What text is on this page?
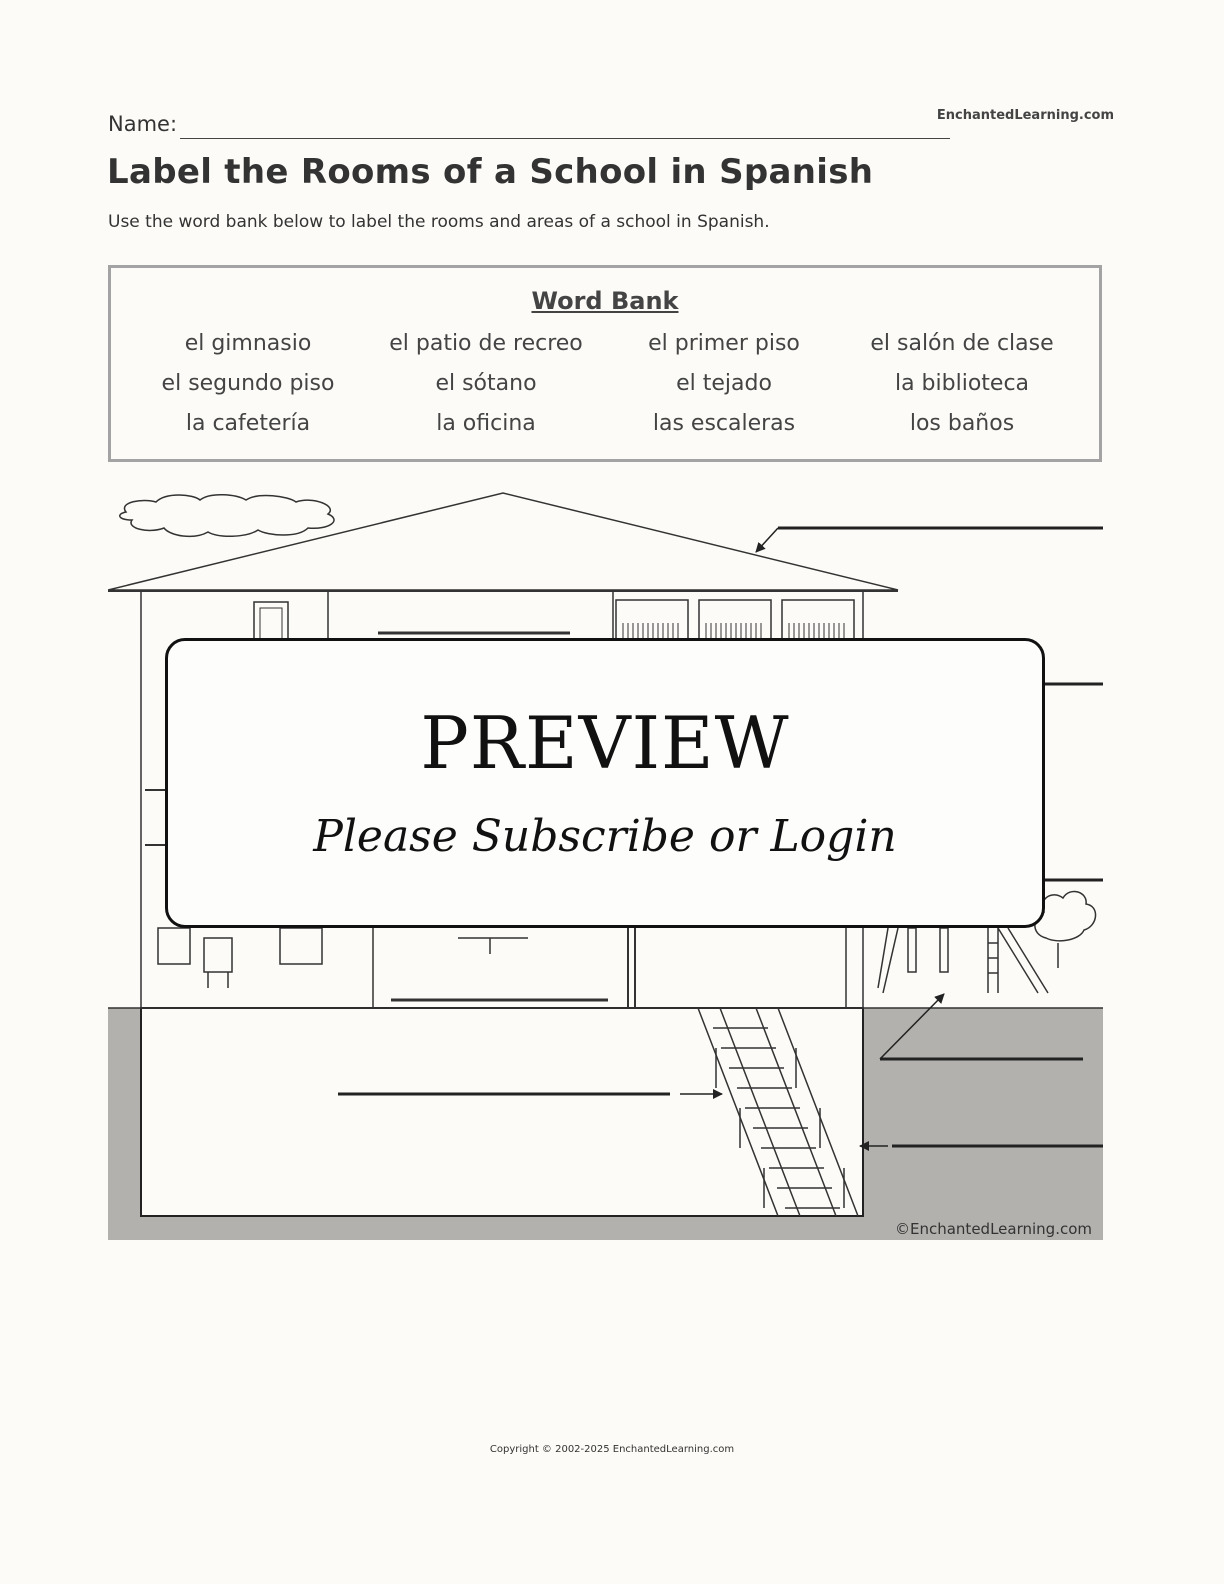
Name:	EnchantedLearning.com
Label the Rooms of a School in Spanish

Use the word bank below to label the rooms and areas of a school in Spanish.

Word Bank
el gimnasio	el patio de recreo	el primer piso	el salón de clase
el segundo piso	el sótano	el tejado	la biblioteca
la cafetería	la oficina	las escaleras	los baños
©EnchantedLearning.com
PREVIEW
Please Subscribe or Login
Copyright © 2002-2025 EnchantedLearning.com
